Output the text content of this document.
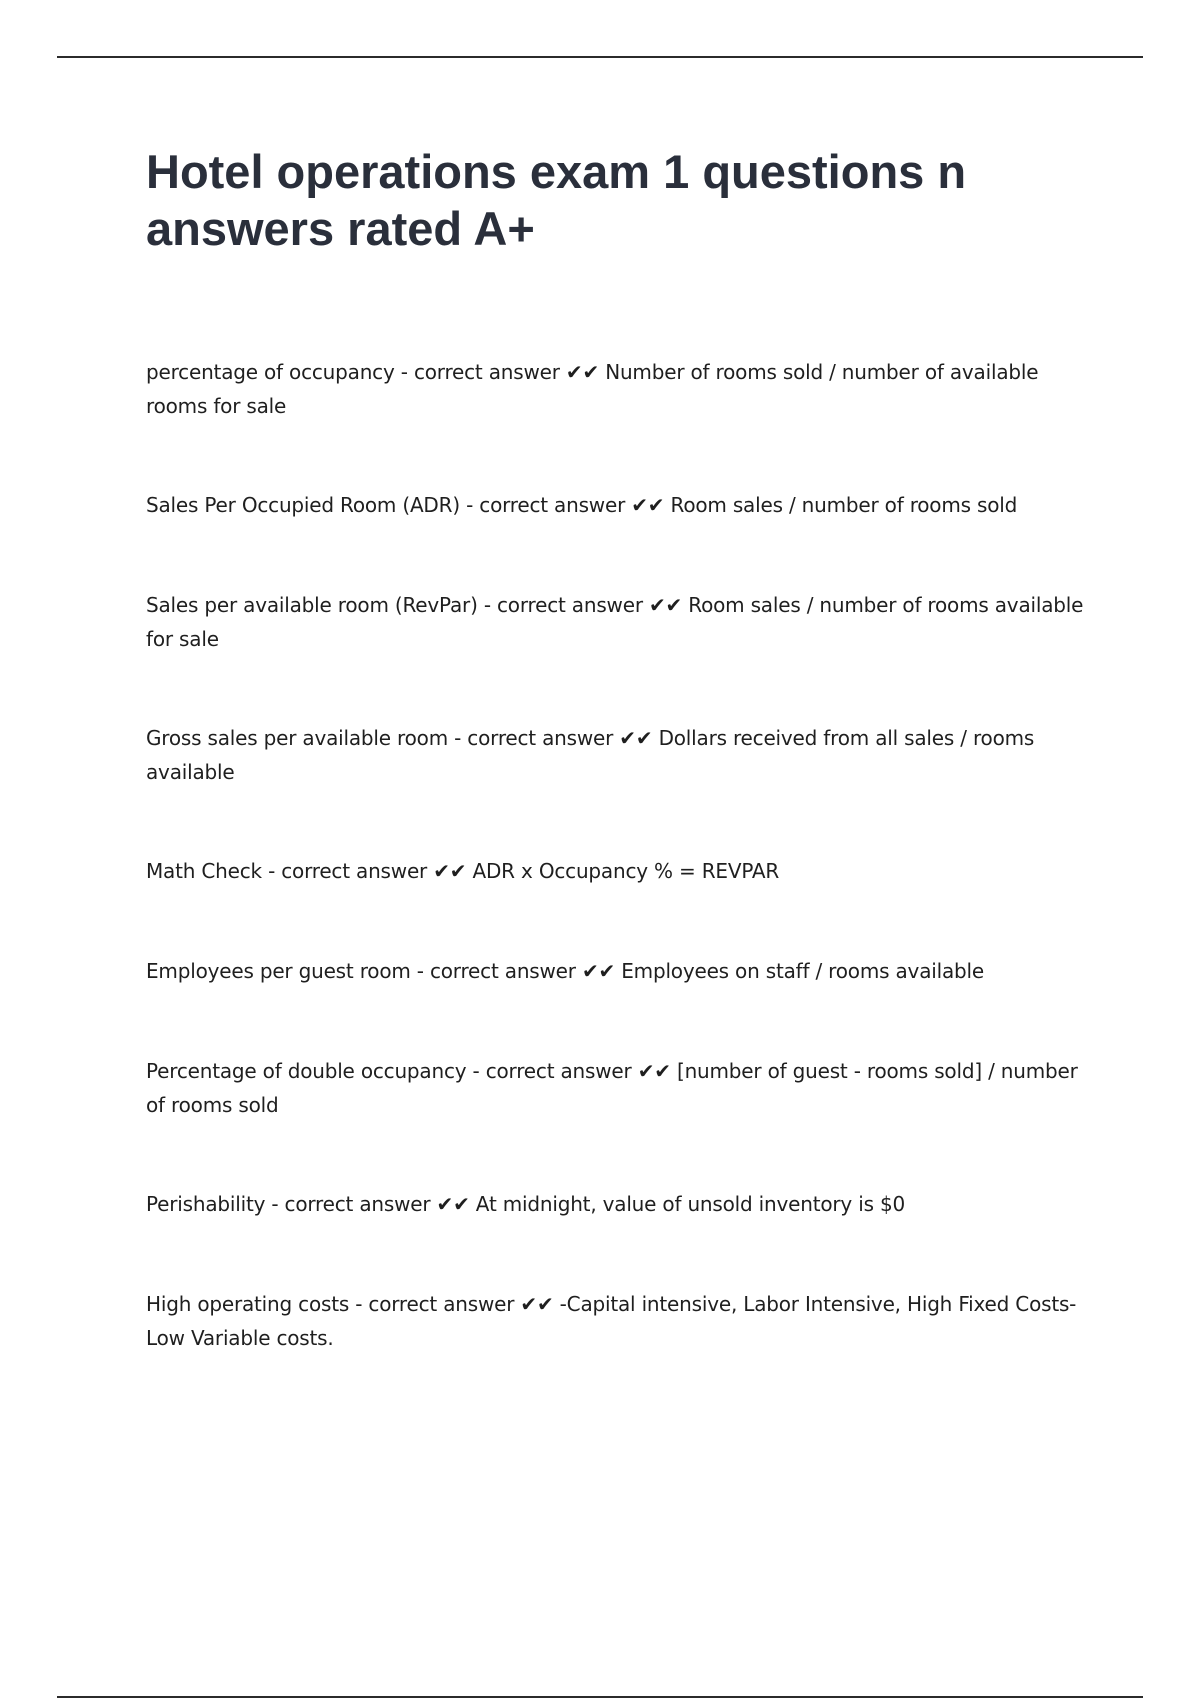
Hotel operations exam 1 questions n answers rated A+
percentage of occupancy - correct answer ✔✔ Number of rooms sold / number of available rooms for sale
Sales Per Occupied Room (ADR) - correct answer ✔✔ Room sales / number of rooms sold
Sales per available room (RevPar) - correct answer ✔✔ Room sales / number of rooms available for sale
Gross sales per available room - correct answer ✔✔ Dollars received from all sales / rooms available
Math Check - correct answer ✔✔ ADR x Occupancy % = REVPAR
Employees per guest room - correct answer ✔✔ Employees on staff / rooms available
Percentage of double occupancy - correct answer ✔✔ [number of guest - rooms sold] / number of rooms sold
Perishability - correct answer ✔✔ At midnight, value of unsold inventory is $0
High operating costs - correct answer ✔✔ -Capital intensive, Labor Intensive, High Fixed Costs- Low Variable costs.
